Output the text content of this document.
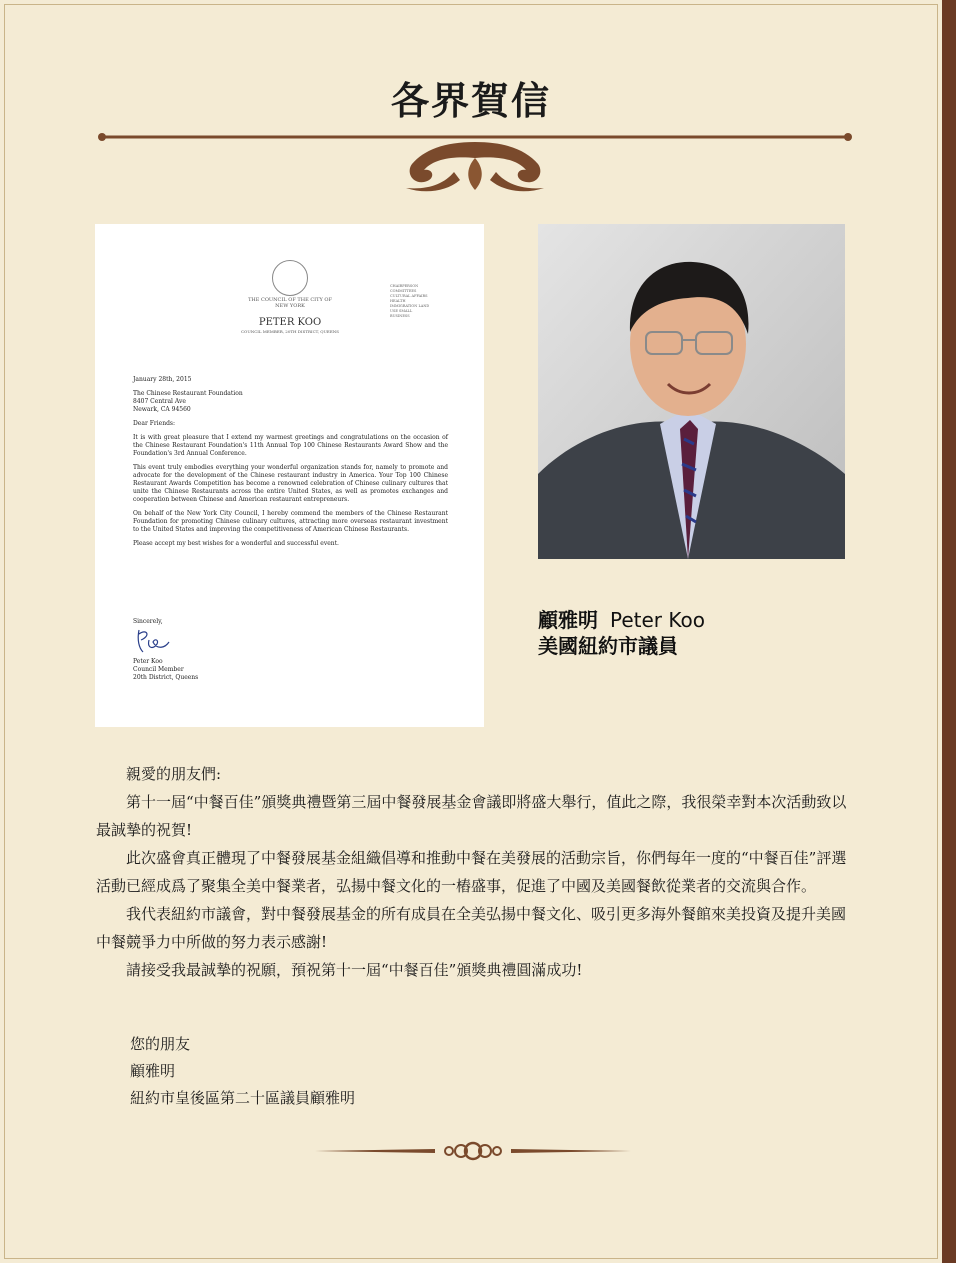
各界賀信
THE COUNCIL OF THE CITY OF NEW YORK
PETER KOO
COUNCIL MEMBER, 20TH DISTRICT, QUEENS
CHAIRPERSON COMMITTEES CULTURAL AFFAIRS HEALTH IMMIGRATION LAND USE SMALL BUSINESS

January 28th, 2015

The Chinese Restaurant Foundation
8407 Central Ave

Newark, CA 94560

Dear Friends:

It is with great pleasure that I extend my warmest greetings and congratulations on the occasion of the Chinese Restaurant Foundation's 11th Annual Top 100 Chinese Restaurants Award Show and the Foundation's 3rd Annual Conference.

This event truly embodies everything your wonderful organization stands for, namely to promote and advocate for the development of the Chinese restaurant industry in America. Your Top 100 Chinese Restaurant Awards Competition has become a renowned celebration of Chinese culinary cultures that unite the Chinese Restaurants across the entire United States, as well as promotes exchanges and cooperation between Chinese and American restaurant entrepreneurs.

On behalf of the New York City Council, I hereby commend the members of the Chinese Restaurant Foundation for promoting Chinese culinary cultures, attracting more overseas restaurant investment to the United States and improving the competitiveness of American Chinese Restaurants.

Please accept my best wishes for a wonderful and successful event.

Sincerely,
Peter Koo
Council Member
20th District, Queens
顧雅明 Peter Koo
美國紐約市議員

親愛的朋友們:

第十一屆“中餐百佳”頒獎典禮暨第三屆中餐發展基金會議即將盛大舉行，值此之際，我很榮幸對本次活動致以最誠摯的祝賀!

此次盛會真正體現了中餐發展基金組織倡導和推動中餐在美發展的活動宗旨，你們每年一度的“中餐百佳”評選活動已經成爲了聚集全美中餐業者，弘揚中餐文化的一樁盛事，促進了中國及美國餐飲從業者的交流與合作。

我代表紐約市議會，對中餐發展基金的所有成員在全美弘揚中餐文化、吸引更多海外餐館來美投資及提升美國中餐競爭力中所做的努力表示感謝!

請接受我最誠摯的祝願，預祝第十一屆“中餐百佳”頒獎典禮圓滿成功!

您的朋友
顧雅明
紐約市皇後區第二十區議員顧雅明
